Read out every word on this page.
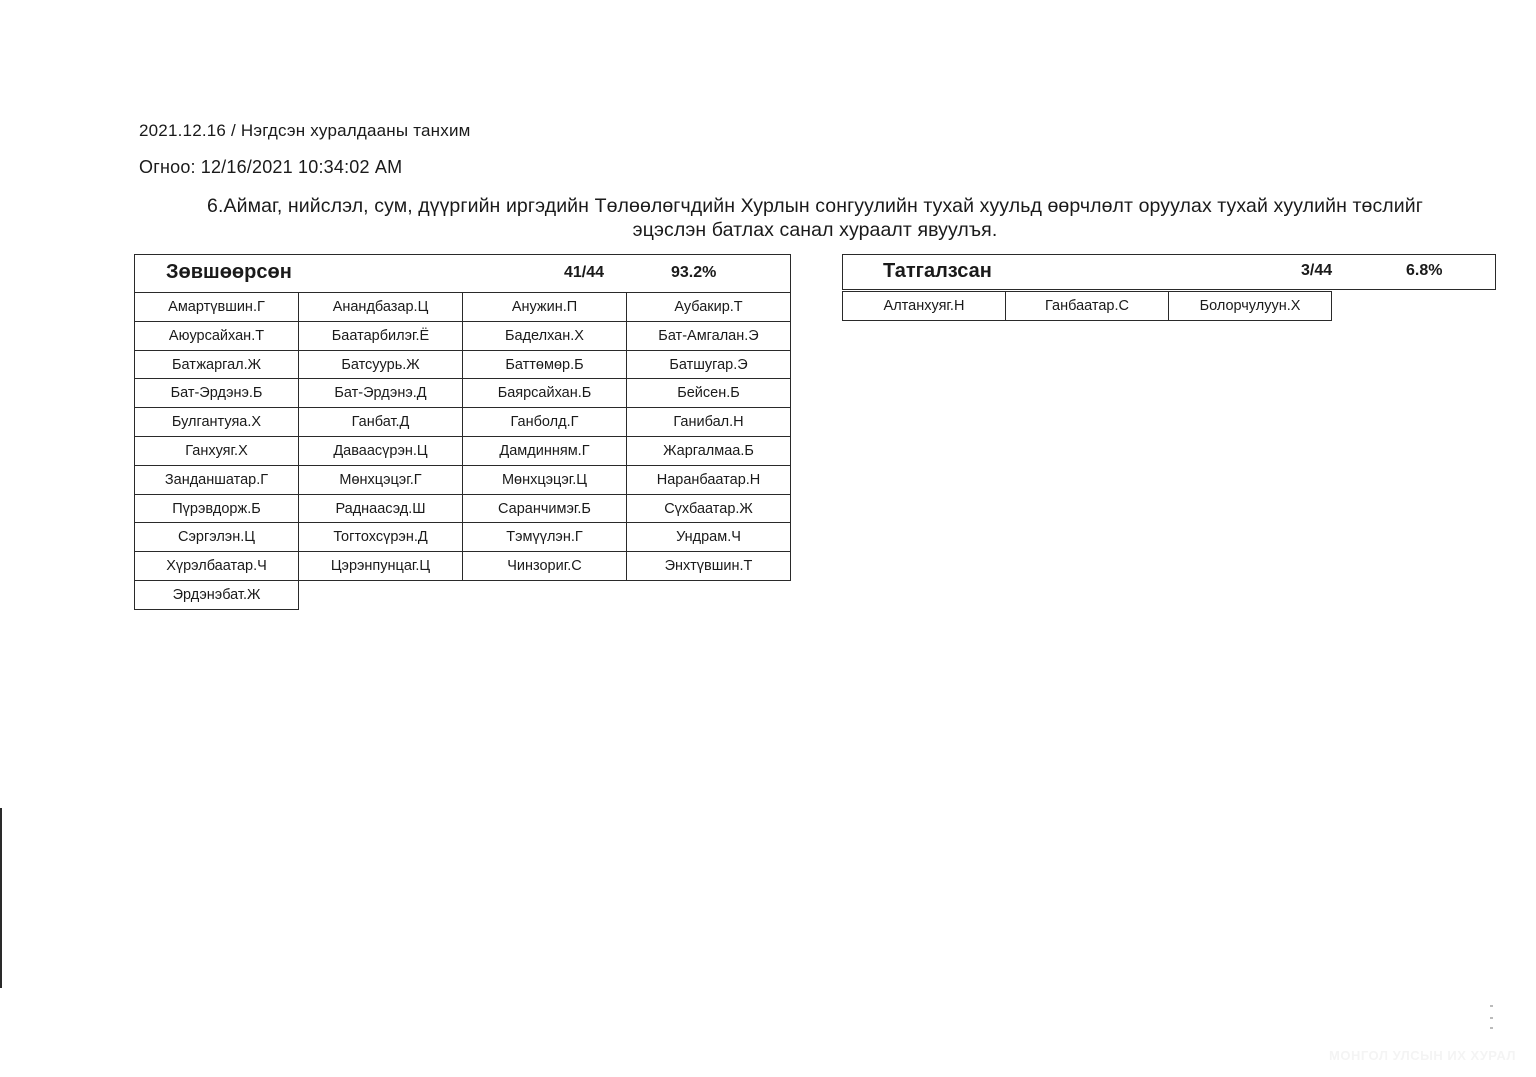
2021.12.16 / Нэгдсэн хуралдааны танхим
Огноо: 12/16/2021 10:34:02 AM
6.Аймаг, нийслэл, сум, дүүргийн иргэдийн Төлөөлөгчдийн Хурлын сонгуулийн тухай хуульд өөрчлөлт оруулах тухай хуулийн төслийг
эцэслэн батлах санал хураалт явуулъя.
Зөвшөөрсөн	41/44	93.2%
Амартүвшин.Г	Анандбазар.Ц	Анужин.П	Аубакир.Т
Аюурсайхан.Т	Баатарбилэг.Ё	Баделхан.Х	Бат-Амгалан.Э
Батжаргал.Ж	Батсуурь.Ж	Баттөмөр.Б	Батшугар.Э
Бат-Эрдэнэ.Б	Бат-Эрдэнэ.Д	Баярсайхан.Б	Бейсен.Б
Булгантуяа.Х	Ганбат.Д	Ганболд.Г	Ганибал.Н
Ганхуяг.Х	Даваасүрэн.Ц	Дамдинням.Г	Жаргалмаа.Б
Занданшатар.Г	Мөнхцэцэг.Г	Мөнхцэцэг.Ц	Наранбаатар.Н
Пүрэвдорж.Б	Раднаасэд.Ш	Саранчимэг.Б	Сүхбаатар.Ж
Сэргэлэн.Ц	Тогтохсүрэн.Д	Тэмүүлэн.Г	Ундрам.Ч
Хүрэлбаатар.Ч	Цэрэнпунцаг.Ц	Чинзориг.С	Энхтүвшин.Т
Эрдэнэбат.Ж
Татгалзсан	3/44	6.8%
Алтанхуяг.Н	Ганбаатар.С	Болорчулуун.Х
МОНГОЛ УЛСЫН ИХ ХУРАЛ
